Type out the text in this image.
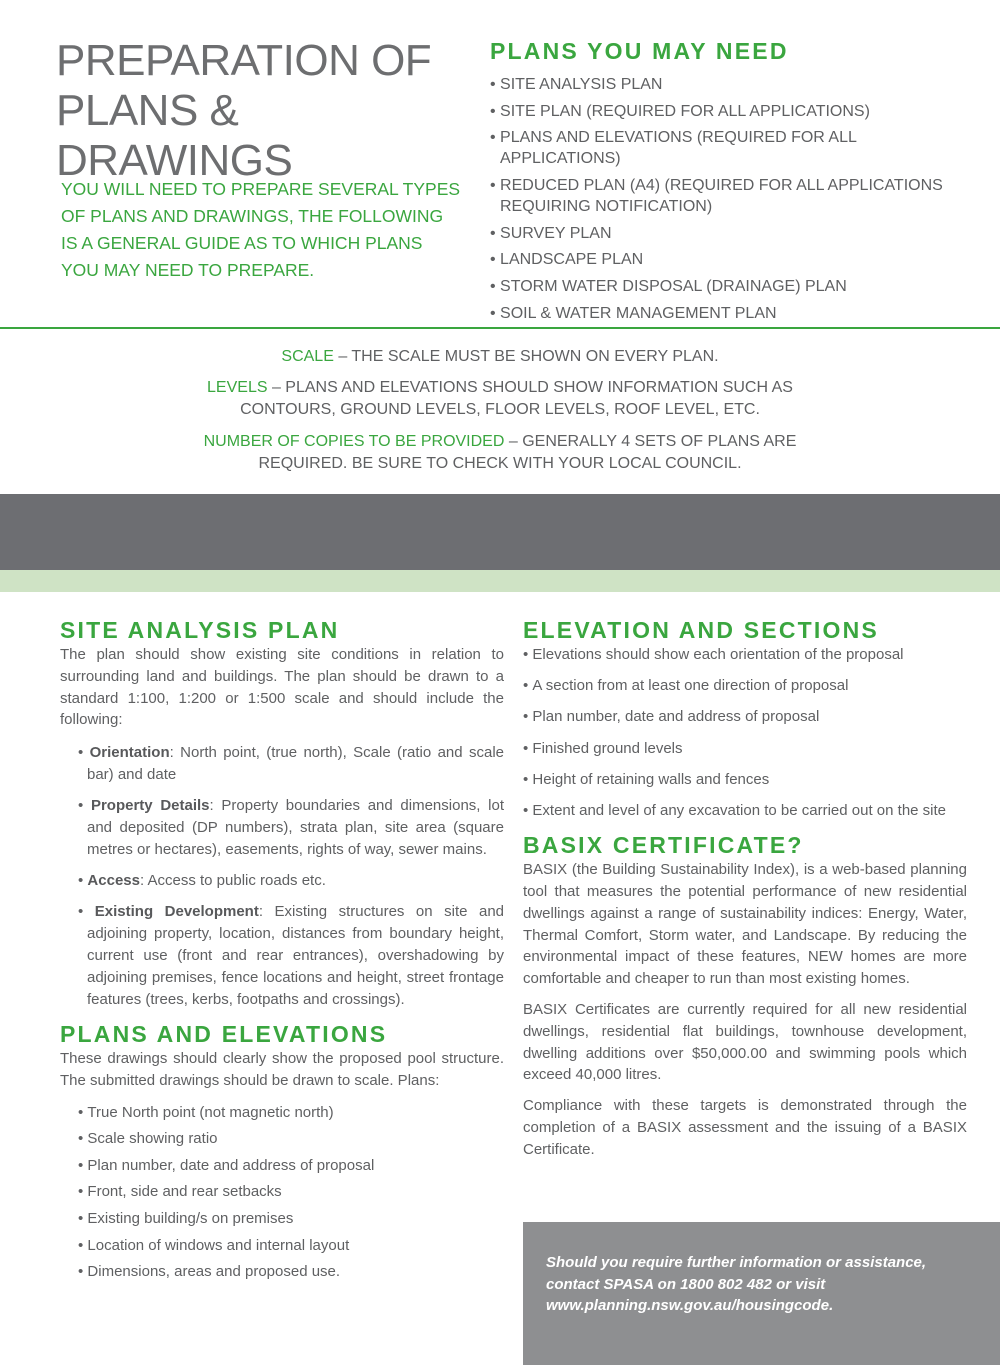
PREPARATION OF
PLANS & DRAWINGS

YOU WILL NEED TO PREPARE SEVERAL TYPES OF PLANS AND DRAWINGS, THE FOLLOWING IS A GENERAL GUIDE AS TO WHICH PLANS YOU MAY NEED TO PREPARE.

PLANS YOU MAY NEED
• SITE ANALYSIS PLAN
• SITE PLAN (REQUIRED FOR ALL APPLICATIONS)
• PLANS AND ELEVATIONS (REQUIRED FOR ALL APPLICATIONS)
• REDUCED PLAN (A4) (REQUIRED FOR ALL APPLICATIONS REQUIRING NOTIFICATION)
• SURVEY PLAN
• LANDSCAPE PLAN
• STORM WATER DISPOSAL (DRAINAGE) PLAN
• SOIL & WATER MANAGEMENT PLAN

SCALE – THE SCALE MUST BE SHOWN ON EVERY PLAN.

LEVELS – PLANS AND ELEVATIONS SHOULD SHOW INFORMATION SUCH AS CONTOURS, GROUND LEVELS, FLOOR LEVELS, ROOF LEVEL, ETC.

NUMBER OF COPIES TO BE PROVIDED – GENERALLY 4 SETS OF PLANS ARE REQUIRED. BE SURE TO CHECK WITH YOUR LOCAL COUNCIL.

SITE ANALYSIS PLAN

The plan should show existing site conditions in relation to surrounding land and buildings. The plan should be drawn to a standard 1:100, 1:200 or 1:500 scale and should include the following:

• Orientation: North point, (true north), Scale (ratio and scale bar) and date
• Property Details: Property boundaries and dimensions, lot and deposited (DP numbers), strata plan, site area (square metres or hectares), easements, rights of way, sewer mains.
• Access: Access to public roads etc.
• Existing Development: Existing structures on site and adjoining property, location, distances from boundary height, current use (front and rear entrances), overshadowing by adjoining premises, fence locations and height, street frontage features (trees, kerbs, footpaths and crossings).
PLANS AND ELEVATIONS

These drawings should clearly show the proposed pool structure. The submitted drawings should be drawn to scale. Plans:

• True North point (not magnetic north)
• Scale showing ratio
• Plan number, date and address of proposal
• Front, side and rear setbacks
• Existing building/s on premises
• Location of windows and internal layout
• Dimensions, areas and proposed use.
ELEVATION AND SECTIONS
• Elevations should show each orientation of the proposal
• A section from at least one direction of proposal
• Plan number, date and address of proposal
• Finished ground levels
• Height of retaining walls and fences
• Extent and level of any excavation to be carried out on the site
BASIX CERTIFICATE?

BASIX (the Building Sustainability Index), is a web-based planning tool that measures the potential performance of new residential dwellings against a range of sustainability indices: Energy, Water, Thermal Comfort, Storm water, and Landscape. By reducing the environmental impact of these features, NEW homes are more comfortable and cheaper to run than most existing homes.

BASIX Certificates are currently required for all new residential dwellings, residential flat buildings, townhouse development, dwelling additions over $50,000.00 and swimming pools which exceed 40,000 litres.

Compliance with these targets is demonstrated through the completion of a BASIX assessment and the issuing of a BASIX Certificate.

Should you require further information or assistance,
contact SPASA on 1800 802 482 or visit
www.planning.nsw.gov.au/housingcode.
